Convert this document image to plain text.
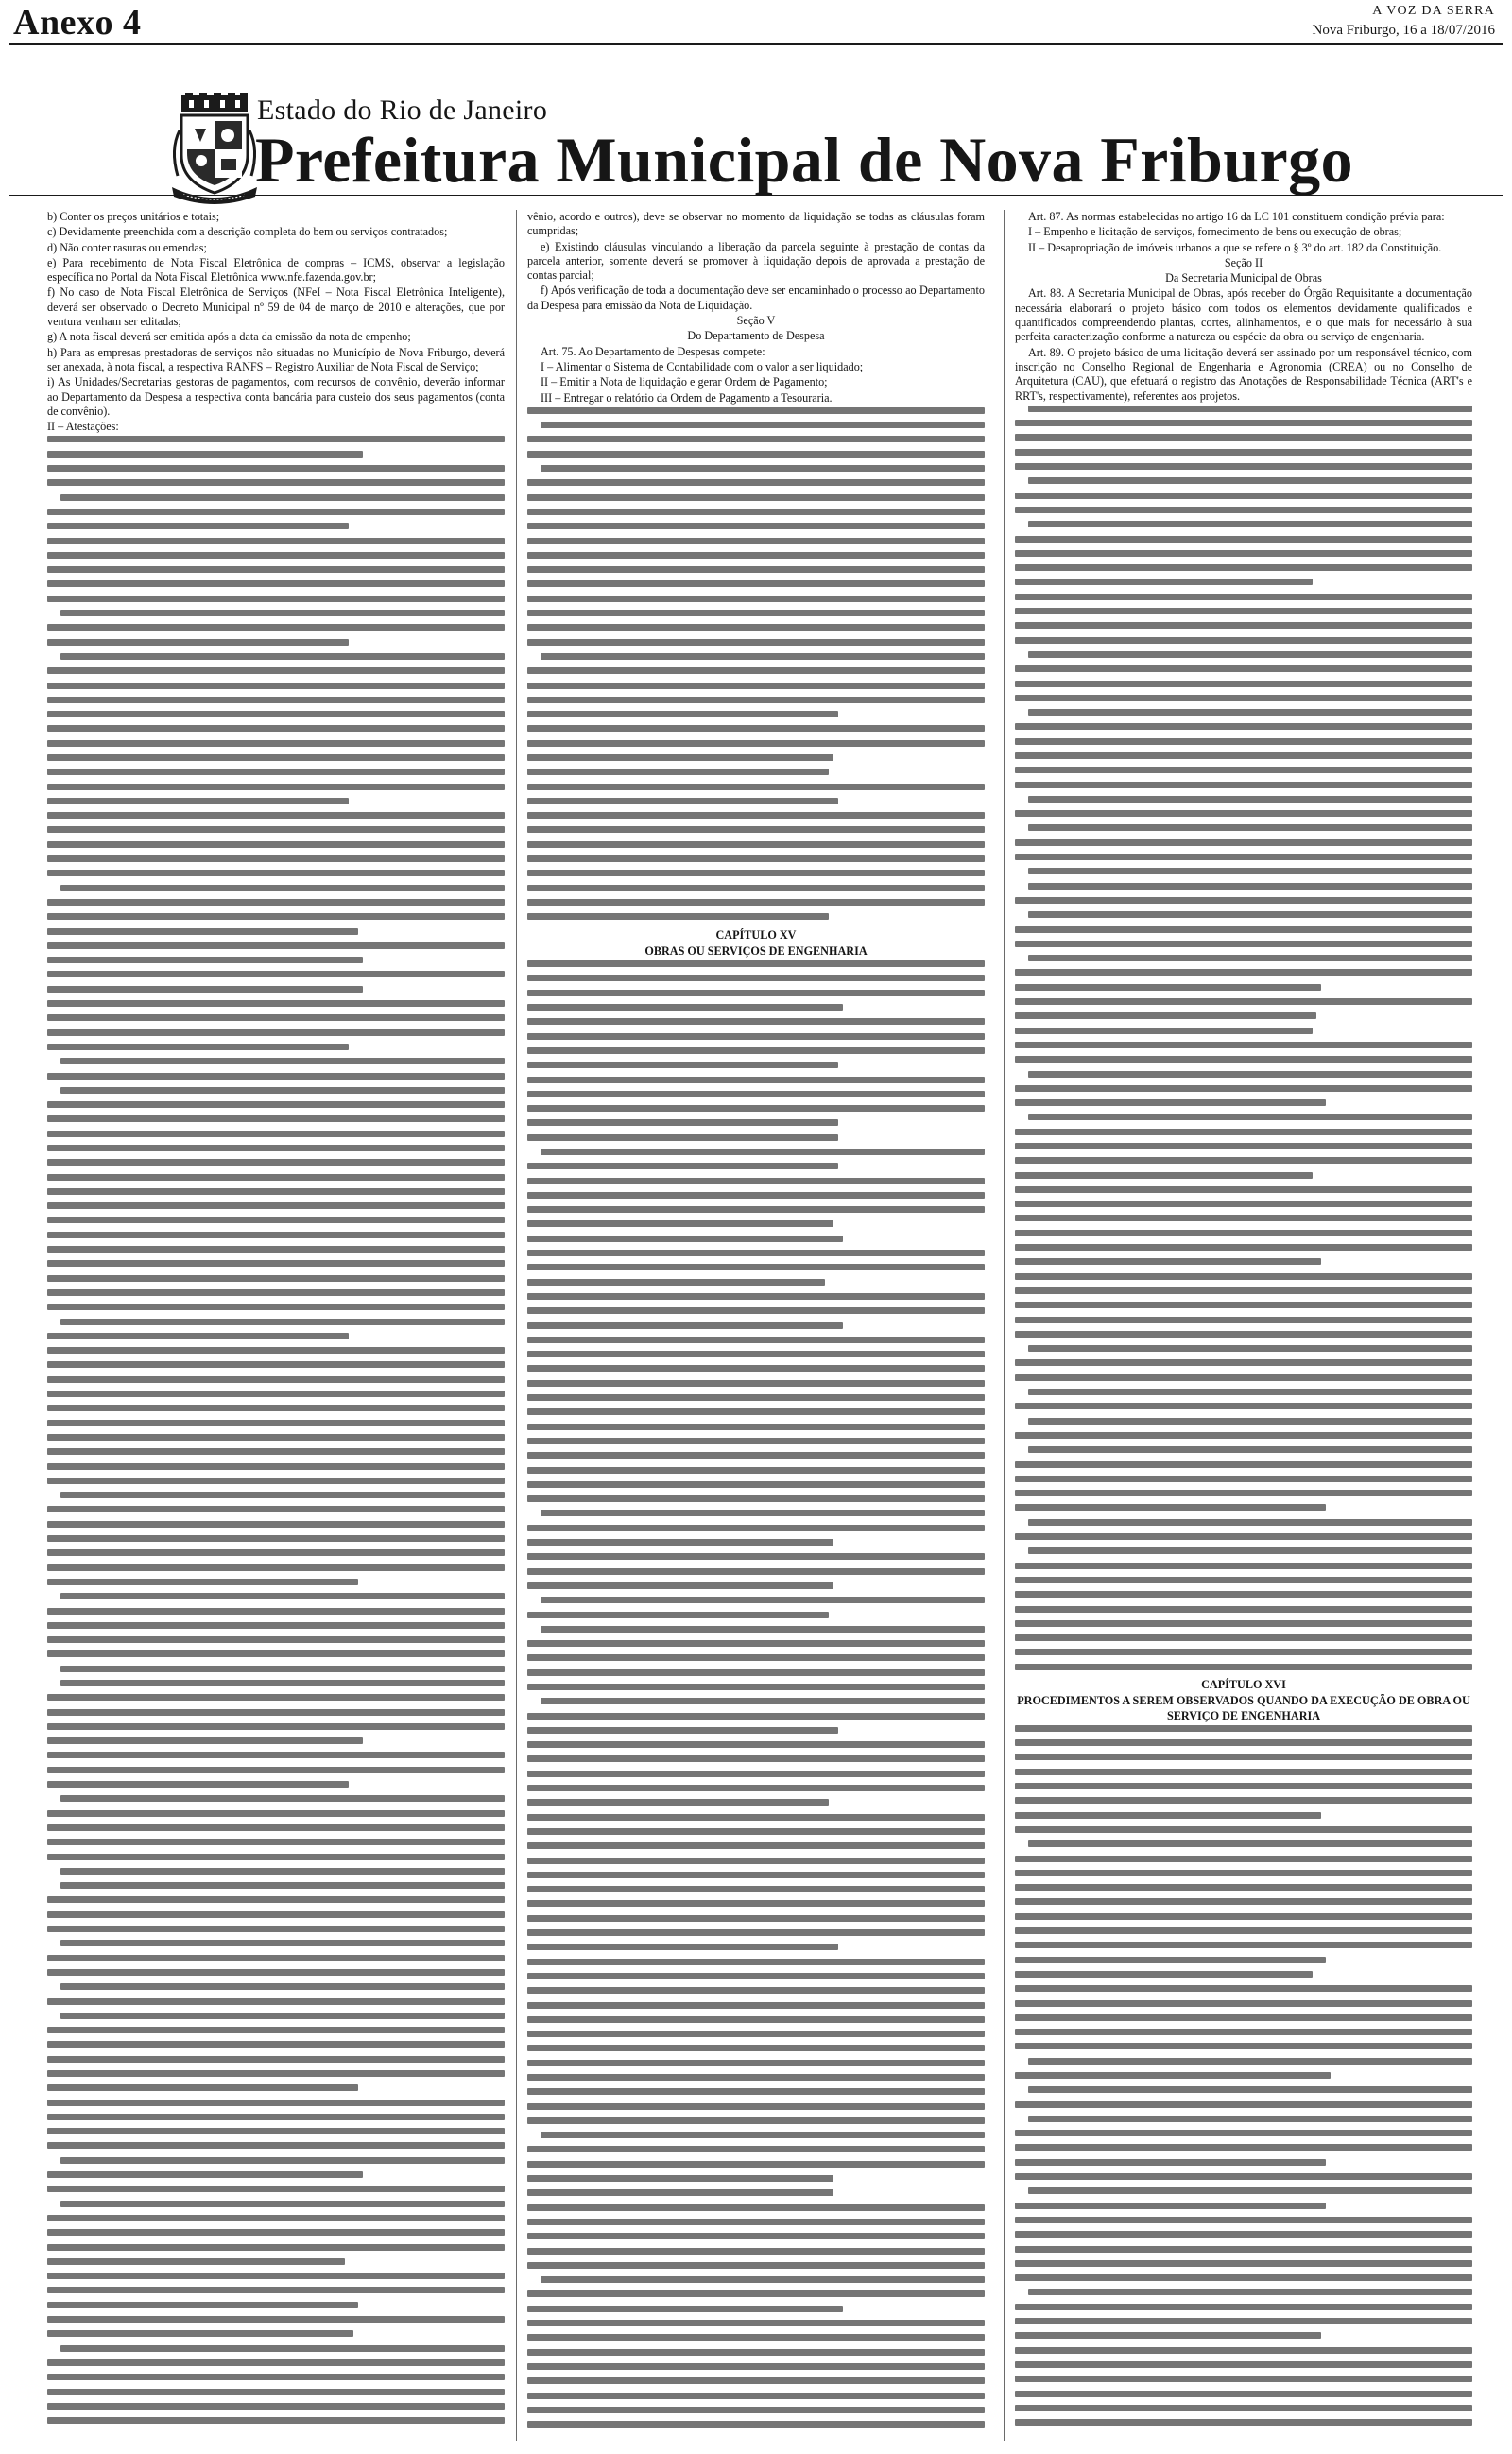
Anexo 4	A VOZ DA SERRA
Nova Friburgo, 16 a 18/07/2016
Estado do Rio de Janeiro
Prefeitura Municipal de Nova Friburgo

b) Conter os preços unitários e totais;

c) Devidamente preenchida com a descrição completa do bem ou serviços contratados;

d) Não conter rasuras ou emendas;

e) Para recebimento de Nota Fiscal Eletrônica de compras – ICMS, observar a legislação específica no Portal da Nota Fiscal Eletrônica www.nfe.fazenda.gov.br;

f) No caso de Nota Fiscal Eletrônica de Serviços (NFeI – Nota Fiscal Eletrônica Inteligente), deverá ser observado o Decreto Municipal nº 59 de 04 de março de 2010 e alterações, que por ventura venham ser editadas;

g) A nota fiscal deverá ser emitida após a data da emissão da nota de empenho;

h) Para as empresas prestadoras de serviços não situadas no Município de Nova Friburgo, deverá ser anexada, à nota fiscal, a respectiva RANFS – Registro Auxiliar de Nota Fiscal de Serviço;

i) As Unidades/Secretarias gestoras de pagamentos, com recursos de convênio, deverão informar ao Departamento da Despesa a respectiva conta bancária para custeio dos seus pagamentos (conta de convênio).

II – Atestações:

vênio, acordo e outros), deve se observar no momento da liquidação se todas as cláusulas foram cumpridas;

e) Existindo cláusulas vinculando a liberação da parcela seguinte à prestação de contas da parcela anterior, somente deverá se promover à liquidação depois de aprovada a prestação de contas parcial;

f) Após verificação de toda a documentação deve ser encaminhado o processo ao Departamento da Despesa para emissão da Nota de Liquidação.

Seção V

Do Departamento de Despesa

Art. 75. Ao Departamento de Despesas compete:

I – Alimentar o Sistema de Contabilidade com o valor a ser liquidado;

II – Emitir a Nota de liquidação e gerar Ordem de Pagamento;

III – Entregar o relatório da Ordem de Pagamento a Tesouraria.

CAPÍTULO XV

OBRAS OU SERVIÇOS DE ENGENHARIA

Art. 87. As normas estabelecidas no artigo 16 da LC 101 constituem condição prévia para:

I – Empenho e licitação de serviços, fornecimento de bens ou execução de obras;

II – Desapropriação de imóveis urbanos a que se refere o § 3º do art. 182 da Constituição.

Seção II

Da Secretaria Municipal de Obras

Art. 88. A Secretaria Municipal de Obras, após receber do Órgão Requisitante a documentação necessária elaborará o projeto básico com todos os elementos devidamente qualificados e quantificados compreendendo plantas, cortes, alinhamentos, e o que mais for necessário à sua perfeita caracterização conforme a natureza ou espécie da obra ou serviço de engenharia.

Art. 89. O projeto básico de uma licitação deverá ser assinado por um responsável técnico, com inscrição no Conselho Regional de Engenharia e Agronomia (CREA) ou no Conselho de Arquitetura (CAU), que efetuará o registro das Anotações de Responsabilidade Técnica (ART's e RRT's, respectivamente), referentes aos projetos.

CAPÍTULO XVI

PROCEDIMENTOS A SEREM OBSERVADOS QUANDO DA EXECUÇÃO DE OBRA OU SERVIÇO DE ENGENHARIA
